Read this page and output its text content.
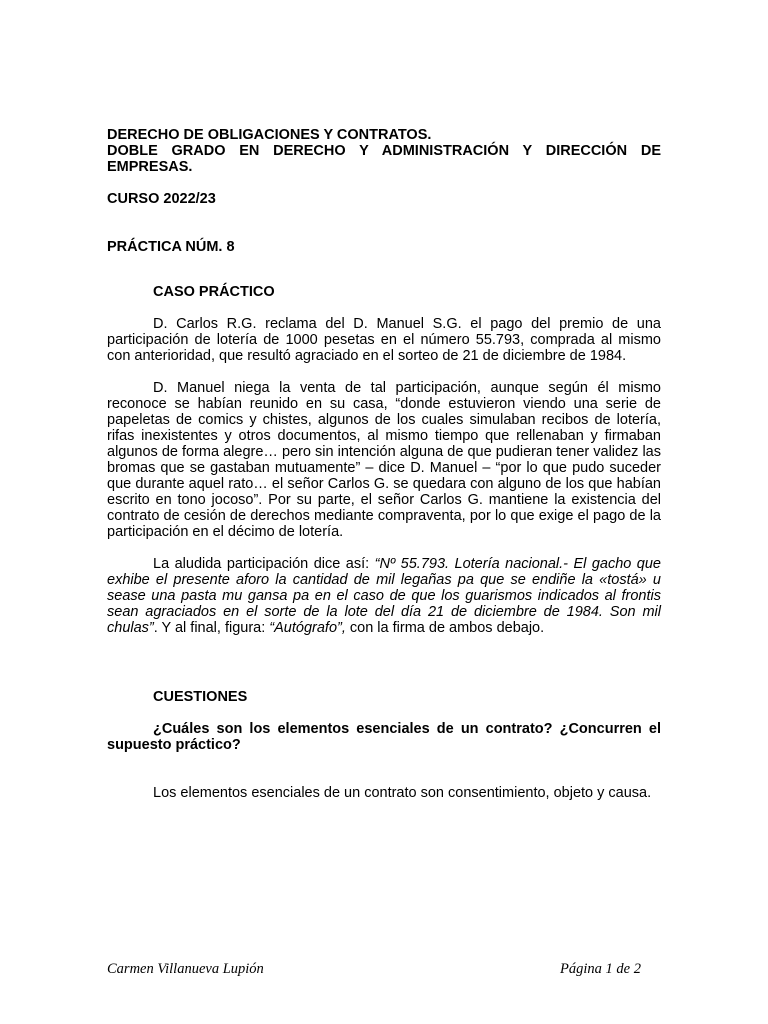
DERECHO DE OBLIGACIONES Y CONTRATOS.
DOBLE GRADO EN DERECHO Y ADMINISTRACIÓN Y DIRECCIÓN DE EMPRESAS.
CURSO 2022/23
PRÁCTICA NÚM. 8
CASO PRÁCTICO

D. Carlos R.G. reclama del D. Manuel S.G. el pago del premio de una participación de lotería de 1000 pesetas en el número 55.793, comprada al mismo con anterioridad, que resultó agraciado en el sorteo de 21 de diciembre de 1984.

D. Manuel niega la venta de tal participación, aunque según él mismo reconoce se habían reunido en su casa, “donde estuvieron viendo una serie de papeletas de comics y chistes, algunos de los cuales simulaban recibos de lotería, rifas inexistentes y otros documentos, al mismo tiempo que rellenaban y firmaban algunos de forma alegre… pero sin intención alguna de que pudieran tener validez las bromas que se gastaban mutuamente” – dice D. Manuel – “por lo que pudo suceder que durante aquel rato… el señor Carlos G. se quedara con alguno de los que habían escrito en tono jocoso”. Por su parte, el señor Carlos G. mantiene la existencia del contrato de cesión de derechos mediante compraventa, por lo que exige el pago de la participación en el décimo de lotería.

La aludida participación dice así: “Nº 55.793. Lotería nacional.- El gacho que exhibe el presente aforo la cantidad de mil legañas pa que se endiñe la «tostá» u sease una pasta mu gansa pa en el caso de que los guarismos indicados al frontis sean agraciados en el sorte de la lote del día 21 de diciembre de 1984. Son mil chulas”. Y al final, figura: “Autógrafo”, con la firma de ambos debajo.

CUESTIONES

¿Cuáles son los elementos esenciales de un contrato? ¿Concurren el supuesto práctico?

Los elementos esenciales de un contrato son consentimiento, objeto y causa.

Carmen Villanueva Lupión	Página 1 de 2
